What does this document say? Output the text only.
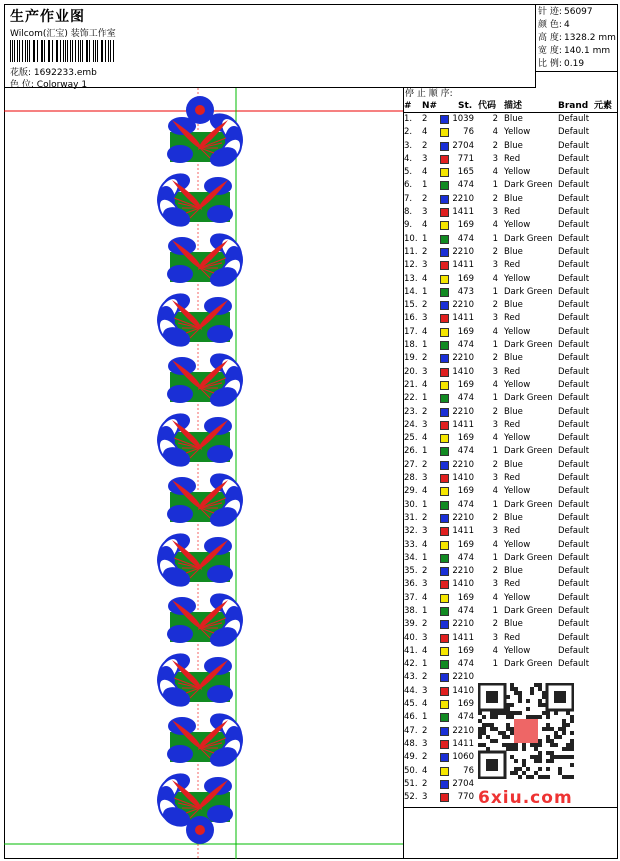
生产作业图
Wilcom(汇宝) 装饰工作室
花版: 1692233.emb
色 位: Colorway 1
针 迹: 56097
颜 色: 4
高 度: 1328.2 mm
宽 度: 140.1 mm
比 例: 0.19
停 止 顺 序:
# N# St. 代码 描述	Brand 元素
1. 2	1039	2 Blue	Default
2. 4	76	4 Yellow	Default
3. 2	2704	2 Blue	Default
4. 3	771	3 Red	Default
5. 4	165	4 Yellow	Default
6. 1	474	1 Dark Green Default
7. 2	2210	2 Blue	Default
8. 3	1411	3 Red	Default
9. 4	169	4 Yellow	Default
10. 1	474	1 Dark Green Default
11. 2	2210	2 Blue	Default
12. 3	1411	3 Red	Default
13. 4	169	4 Yellow	Default
14. 1	473	1 Dark Green Default
15. 2	2210	2 Blue	Default
16. 3	1411	3 Red	Default
17. 4	169	4 Yellow	Default
18. 1	474	1 Dark Green Default
19. 2	2210	2 Blue	Default
20. 3	1410	3 Red	Default
21. 4	169	4 Yellow	Default
22. 1	474	1 Dark Green Default
23. 2	2210	2 Blue	Default
24. 3	1411	3 Red	Default
25. 4	169	4 Yellow	Default
26. 1	474	1 Dark Green Default
27. 2	2210	2 Blue	Default
28. 3	1410	3 Red	Default
29. 4	169	4 Yellow	Default
30. 1	474	1 Dark Green Default
31. 2	2210	2 Blue	Default
32. 3	1411	3 Red	Default
33. 4	169	4 Yellow	Default
34. 1	474	1 Dark Green Default
35. 2	2210	2 Blue	Default
36. 3	1410	3 Red	Default
37. 4	169	4 Yellow	Default
38. 1	474	1 Dark Green Default
39. 2	2210	2 Blue	Default
40. 3	1411	3 Red	Default
41. 4	169	4 Yellow	Default
42. 1	474	1 Dark Green Default
43. 2	2210
44. 3	1410
45. 4	169
46. 1	474
47. 2	2210
48. 3	1411
49. 2	1060
50. 4	76
51. 2	2704
52. 3	770 6xiu.com
